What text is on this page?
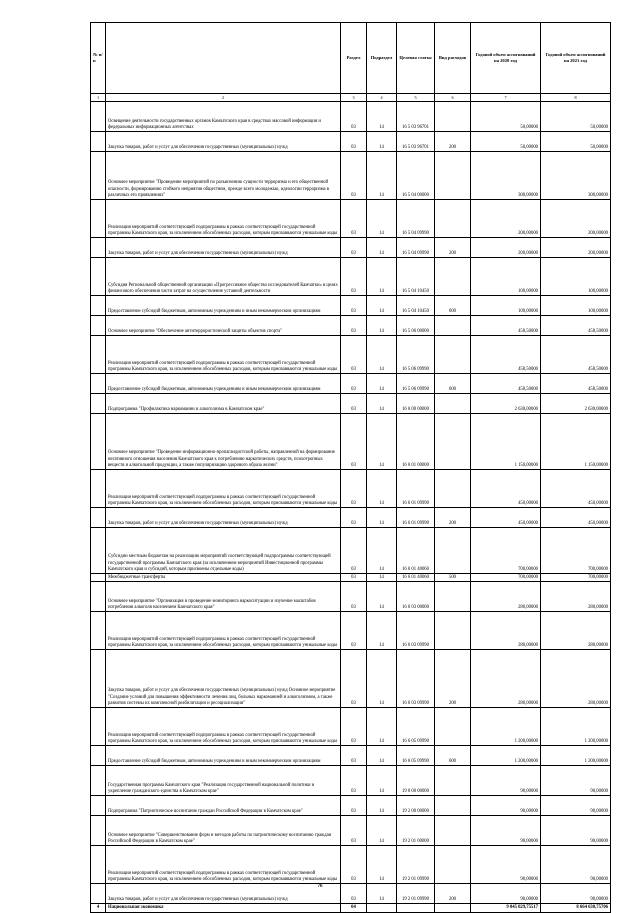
№ п/п		Раздел	Подраздел	Целевая статья	Вид расходов	Годовой объем ассигнований на 2020 год	Годовой объем ассигнований на 2021 год
1	2	3	4	5	6	7	8
	Освещение деятельности государственных органов Камчатского края в средствах массовой информации и федеральных информационных агентствах	03	14	16 5 03 96701		50,00000	50,00000
	Закупка товаров, работ и услуг для обеспечения государственных (муниципальных) нужд	03	14	16 5 03 96701	200	50,00000	50,00000
	Основное мероприятие "Проведение мероприятий по разъяснению сущности терроризма и его общественной опасности, формированию стойкого неприятия обществом, прежде всего молодежью, идеологии терроризма в различных его проявлениях"	03	14	16 5 04 00000		300,00000	300,00000
	Реализация мероприятий соответствующей подпрограммы в рамках соответствующей государственной программы Камчатского края, за исключением обособленных расходов, которым присваиваются уникальные коды	03	14	16 5 04 09990		200,00000	200,00000
	Закупка товаров, работ и услуг для обеспечения государственных (муниципальных) нужд	03	14	16 5 04 09990	200	200,00000	200,00000
	Субсидия Региональной общественной организации «Прогрессивное общество исследователей Камчатки» в целях финансового обеспечения части затрат на осуществление уставной деятельности	03	14	16 5 04 10450		100,00000	100,00000
	Предоставление субсидий бюджетным, автономным учреждениям и иным некоммерческим организациям	03	14	16 5 04 10450	600	100,00000	100,00000
	Основное мероприятие "Обеспечение антитеррористической защиты объектов спорта"	03	14	16 5 06 00000		458,50000	458,50000
	Реализация мероприятий соответствующей подпрограммы в рамках соответствующей государственной программы Камчатского края, за исключением обособленных расходов, которым присваиваются уникальные коды	03	14	16 5 06 09990		458,50000	458,50000
	Предоставление субсидий бюджетным, автономным учреждениям и иным некоммерческим организациям	03	14	16 5 06 09990	600	458,50000	458,50000
	Подпрограмма "Профилактика наркомании и алкоголизма в Камчатском крае"	03	14	16 6 00 00000		2 630,00000	2 630,00000
	Основное мероприятие "Проведение информационно-пропагандистской работы, направленной на формирование негативного отношения населения Камчатского края к потреблению наркотических средств, психотропных веществ и алкогольной продукции, а также популяризацию здорового образа жизни"	03	14	16 6 01 00000		1 150,00000	1 150,00000
	Реализация мероприятий соответствующей подпрограммы в рамках соответствующей государственной программы Камчатского края, за исключением обособленных расходов, которым присваиваются уникальные коды	03	14	16 6 01 09990		450,00000	450,00000
	Закупка товаров, работ и услуг для обеспечения государственных (муниципальных) нужд	03	14	16 6 01 09990	200	450,00000	450,00000
	Субсидии местным бюджетам на реализацию мероприятий соответствующей подпрограммы соответствующей государственной программы Камчатского края (за исключением мероприятий Инвестиционной программы Камчатского края и субсидий, которым присвоены отдельные коды)	03	14	16 6 01 40060		700,00000	700,00000
	Межбюджетные трансферты	03	14	16 6 01 40060	500	700,00000	700,00000
	Основное мероприятие "Организация и проведение мониторинга наркоситуации и изучение масштабов потребления алкоголя населением Камчатского края"	03	14	16 6 03 00000		280,00000	280,00000
	Реализация мероприятий соответствующей подпрограммы в рамках соответствующей государственной программы Камчатского края, за исключением обособленных расходов, которым присваиваются уникальные коды	03	14	16 6 03 09990		280,00000	280,00000
	Закупка товаров, работ и услуг для обеспечения государственных (муниципальных) нужд Основное мероприятие "Создание условий для повышения эффективности лечения лиц, больных наркоманией и алкоголизмом, а также развития системы их комплексной реабилитации и ресоциализации"	03	14	16 6 03 09990	200	280,00000	280,00000
	Реализация мероприятий соответствующей подпрограммы в рамках соответствующей государственной программы Камчатского края, за исключением обособленных расходов, которым присваиваются уникальные коды	03	14	16 6 05 09990		1 200,00000	1 200,00000
	Предоставление субсидий бюджетным, автономным учреждениям и иным некоммерческим организациям	03	14	16 6 05 09990	600	1 200,00000	1 200,00000
	Государственная программа Камчатского края "Реализация государственной национальной политики и укрепление гражданского единства в Камчатском крае"	03	14	19 0 00 00000		90,00000	90,00000
	Подпрограмма "Патриотическое воспитание граждан Российской Федерации в Камчатском крае"	03	14	19 2 00 00000		90,00000	90,00000
	Основное мероприятие "Совершенствование форм и методов работы по патриотическому воспитанию граждан Российской Федерации в Камчатском крае"	03	14	19 2 01 00000		90,00000	90,00000
	Реализация мероприятий соответствующей подпрограммы в рамках соответствующей государственной программы Камчатского края, за исключением обособленных расходов, которым присваиваются уникальные коды	03	14	19 2 01 09990		90,00000	90,00000
	Закупка товаров, работ и услуг для обеспечения государственных (муниципальных) нужд	03	14	19 2 01 09990	200	90,00000	90,00000
4	Национальная экономика	04				9 045 029,75517	8 664 630,75706
76
